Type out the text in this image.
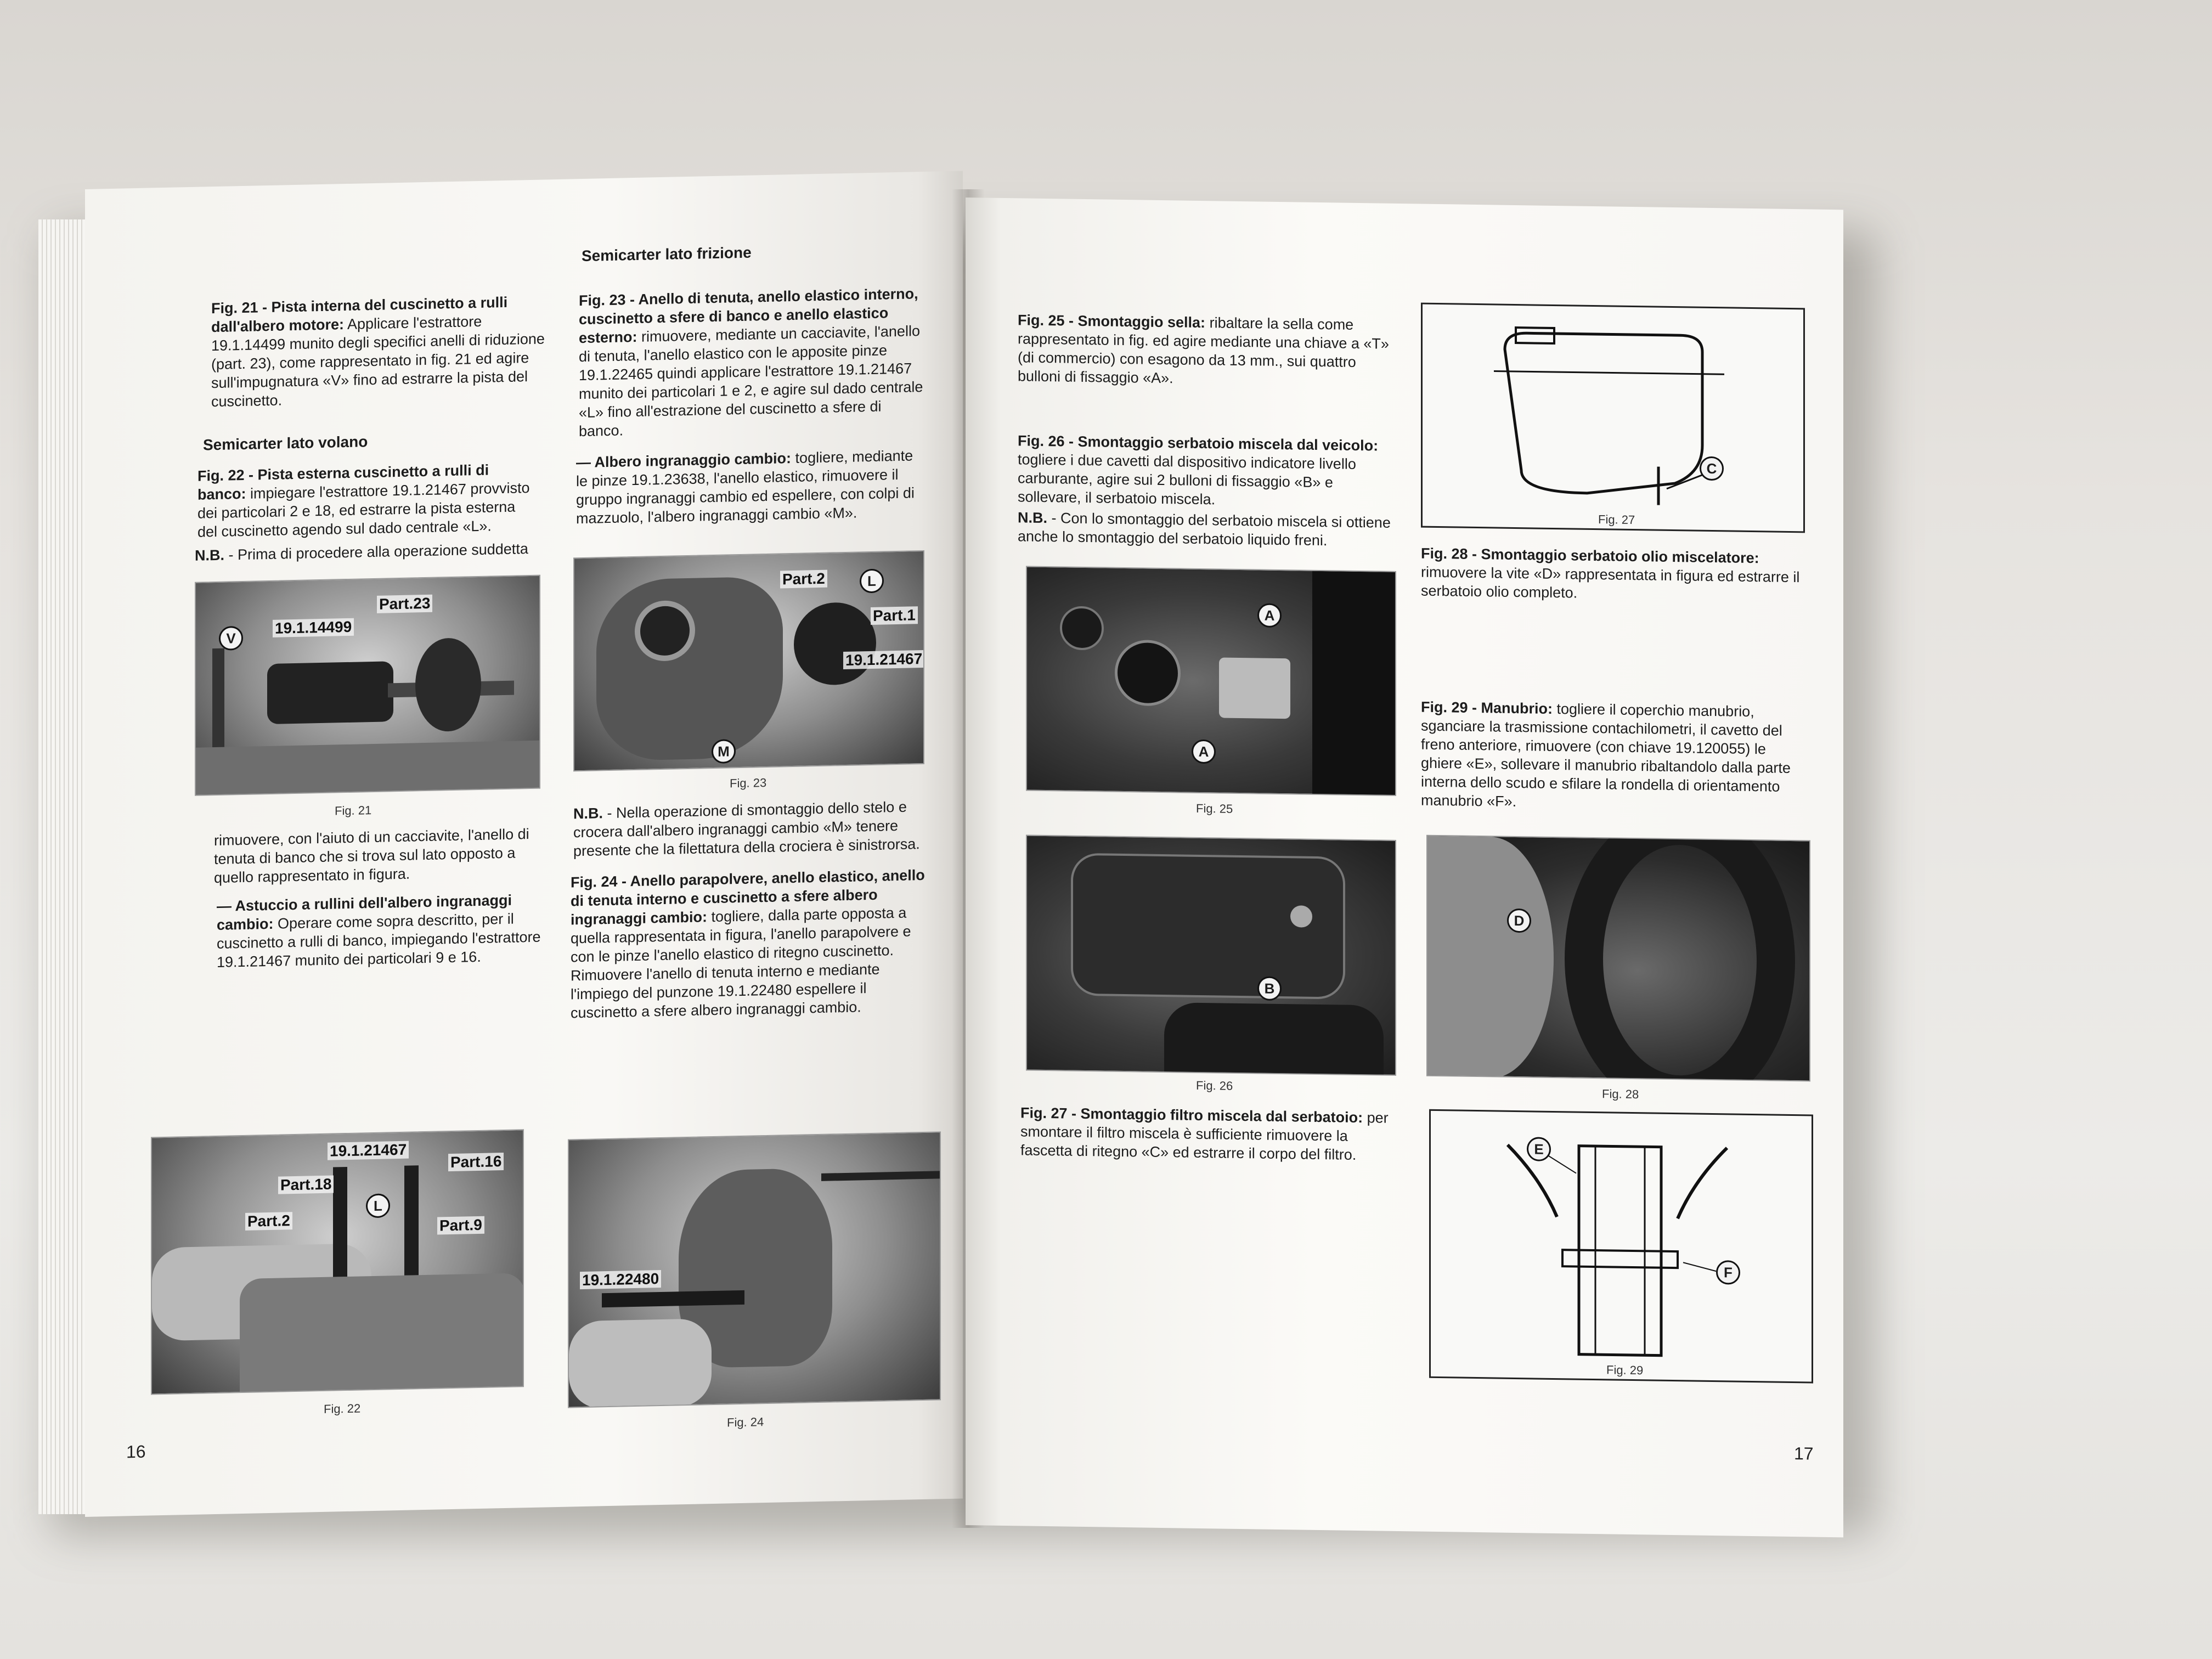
Fig. 21 - Pista interna del cuscinetto a rulli dall'albero motore: Applicare l'estrattore 19.1.14499 munito degli specifici anelli di riduzione (part. 23), come rappresentato in fig. 21 ed agire sull'impugnatura «V» fino ad estrarre la pista del cuscinetto.
Semicarter lato volano
Fig. 22 - Pista esterna cuscinetto a rulli di banco: impiegare l'estrattore 19.1.21467 provvisto dei particolari 2 e 18, ed estrarre la pista esterna del cuscinetto agendo sul dado centrale «L».
N.B. - Prima di procedere alla operazione suddetta
V
19.1.14499
Part.23
Fig. 21
rimuovere, con l'aiuto di un cacciavite, l'anello di tenuta di banco che si trova sul lato opposto a quello rappresentato in figura.
— Astuccio a rullini dell'albero ingranaggi cambio: Operare come sopra descritto, per il cuscinetto a rulli di banco, impiegando l'estrattore 19.1.21467 munito dei particolari 9 e 16.
Semicarter lato frizione
Fig. 23 - Anello di tenuta, anello elastico interno, cuscinetto a sfere di banco e anello elastico esterno: rimuovere, mediante un cacciavite, l'anello di tenuta, l'anello elastico con le apposite pinze 19.1.22465 quindi applicare l'estrattore 19.1.21467 munito dei particolari 1 e 2, e agire sul dado centrale «L» fino all'estrazione del cuscinetto a sfere di banco.
— Albero ingranaggio cambio: togliere, mediante le pinze 19.1.23638, l'anello elastico, rimuovere il gruppo ingranaggi cambio ed espellere, con colpi di mazzuolo, l'albero ingranaggi cambio «M».
Part.2	L
Part.1
19.1.21467
M
Fig. 23
N.B. - Nella operazione di smontaggio dello stelo e crocera dall'albero ingranaggi cambio «M» tenere presente che la filettatura della crociera è sinistrorsa.
Fig. 24 - Anello parapolvere, anello elastico, anello di tenuta interno e cuscinetto a sfere albero ingranaggi cambio: togliere, dalla parte opposta a quella rappresentata in figura, l'anello parapolvere e con le pinze l'anello elastico di ritegno cuscinetto. Rimuovere l'anello di tenuta interno e mediante l'impiego del punzone 19.1.22480 espellere il cuscinetto a sfere albero ingranaggi cambio.
19.1.21467
Part.16
Part.18
Part.2
L
Part.9
Fig. 22
19.1.22480
Fig. 24
16
Fig. 25 - Smontaggio sella: ribaltare la sella come rappresentato in fig. ed agire mediante una chiave a «T» (di commercio) con esagono da 13 mm., sui quattro bulloni di fissaggio «A».
Fig. 26 - Smontaggio serbatoio miscela dal veicolo: togliere i due cavetti dal dispositivo indicatore livello carburante, agire sui 2 bulloni di fissaggio «B» e sollevare, il serbatoio miscela.
N.B. - Con lo smontaggio del serbatoio miscela si ottiene anche lo smontaggio del serbatoio liquido freni.
A
A
Fig. 25
B
Fig. 26
Fig. 27 - Smontaggio filtro miscela dal serbatoio: per smontare il filtro miscela è sufficiente rimuovere la fascetta di ritegno «C» ed estrarre il corpo del filtro.
C
Fig. 27
Fig. 28 - Smontaggio serbatoio olio miscelatore: rimuovere la vite «D» rappresentata in figura ed estrarre il serbatoio olio completo.
Fig. 29 - Manubrio: togliere il coperchio manubrio, sganciare la trasmissione contachilometri, il cavetto del freno anteriore, rimuovere (con chiave 19.120055) le ghiere «E», sollevare il manubrio ribaltandolo dalla parte interna dello scudo e sfilare la rondella di orientamento manubrio «F».
D
Fig. 28
E
F
Fig. 29
17
